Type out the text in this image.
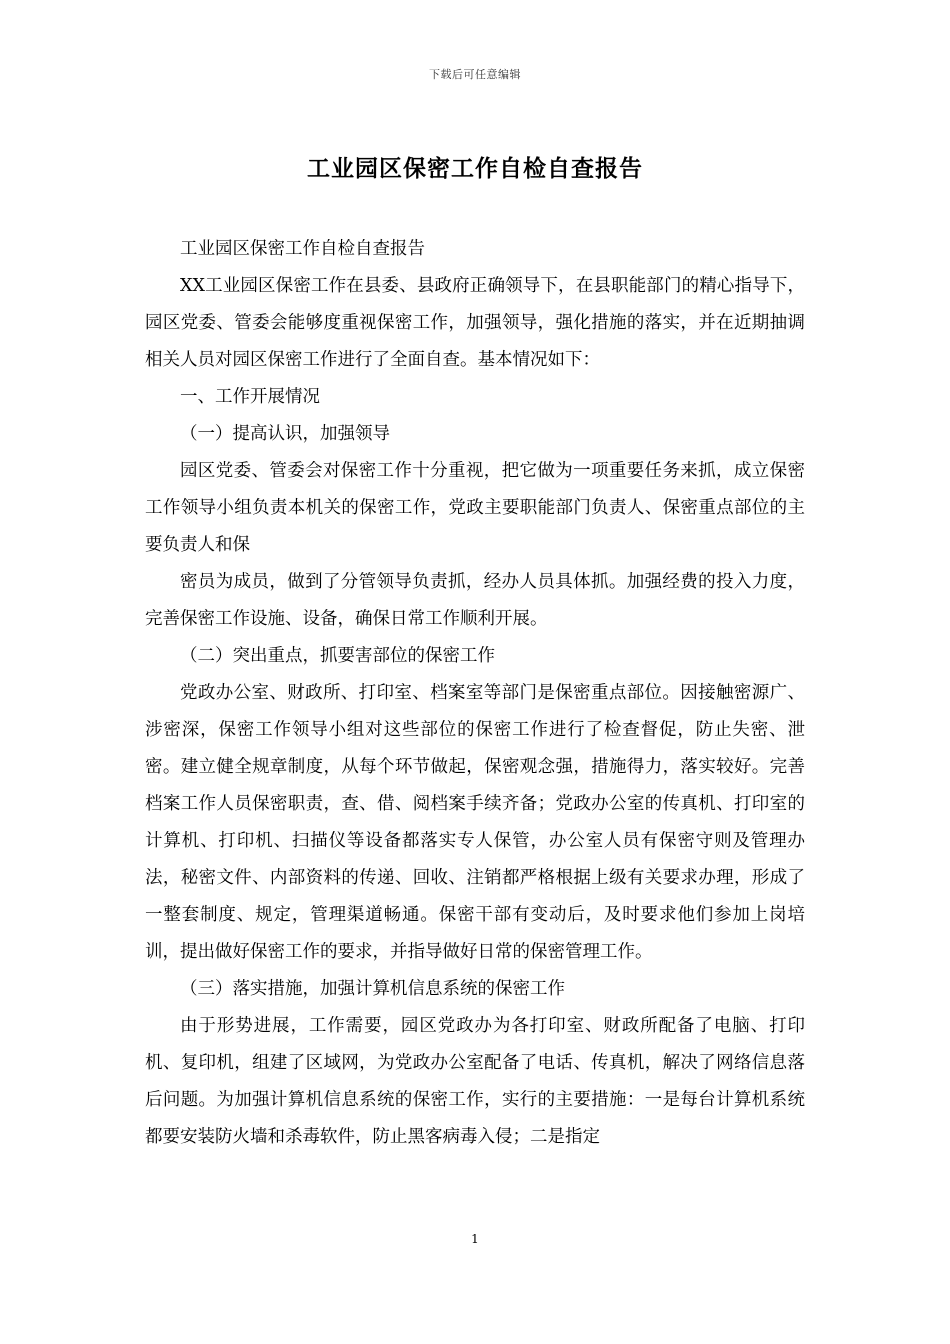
下载后可任意编辑
工业园区保密工作自检自查报告

工业园区保密工作自检自查报告

XX工业园区保密工作在县委、县政府正确领导下，在县职能部门的精心指导下，园区党委、管委会能够度重视保密工作，加强领导，强化措施的落实，并在近期抽调相关人员对园区保密工作进行了全面自查。基本情况如下：

一、工作开展情况

（一）提高认识，加强领导

园区党委、管委会对保密工作十分重视，把它做为一项重要任务来抓，成立保密工作领导小组负责本机关的保密工作，党政主要职能部门负责人、保密重点部位的主要负责人和保

密员为成员，做到了分管领导负责抓，经办人员具体抓。加强经费的投入力度，完善保密工作设施、设备，确保日常工作顺利开展。

（二）突出重点，抓要害部位的保密工作

党政办公室、财政所、打印室、档案室等部门是保密重点部位。因接触密源广、涉密深，保密工作领导小组对这些部位的保密工作进行了检查督促，防止失密、泄密。建立健全规章制度，从每个环节做起，保密观念强，措施得力，落实较好。完善档案工作人员保密职责，查、借、阅档案手续齐备；党政办公室的传真机、打印室的计算机、打印机、扫描仪等设备都落实专人保管，办公室人员有保密守则及管理办法，秘密文件、内部资料的传递、回收、注销都严格根据上级有关要求办理，形成了一整套制度、规定，管理渠道畅通。保密干部有变动后，及时要求他们参加上岗培训，提出做好保密工作的要求，并指导做好日常的保密管理工作。

（三）落实措施，加强计算机信息系统的保密工作

由于形势进展，工作需要，园区党政办为各打印室、财政所配备了电脑、打印机、复印机，组建了区域网，为党政办公室配备了电话、传真机，解决了网络信息落后问题。为加强计算机信息系统的保密工作，实行的主要措施：一是每台计算机系统都要安装防火墙和杀毒软件，防止黑客病毒入侵；二是指定

1
